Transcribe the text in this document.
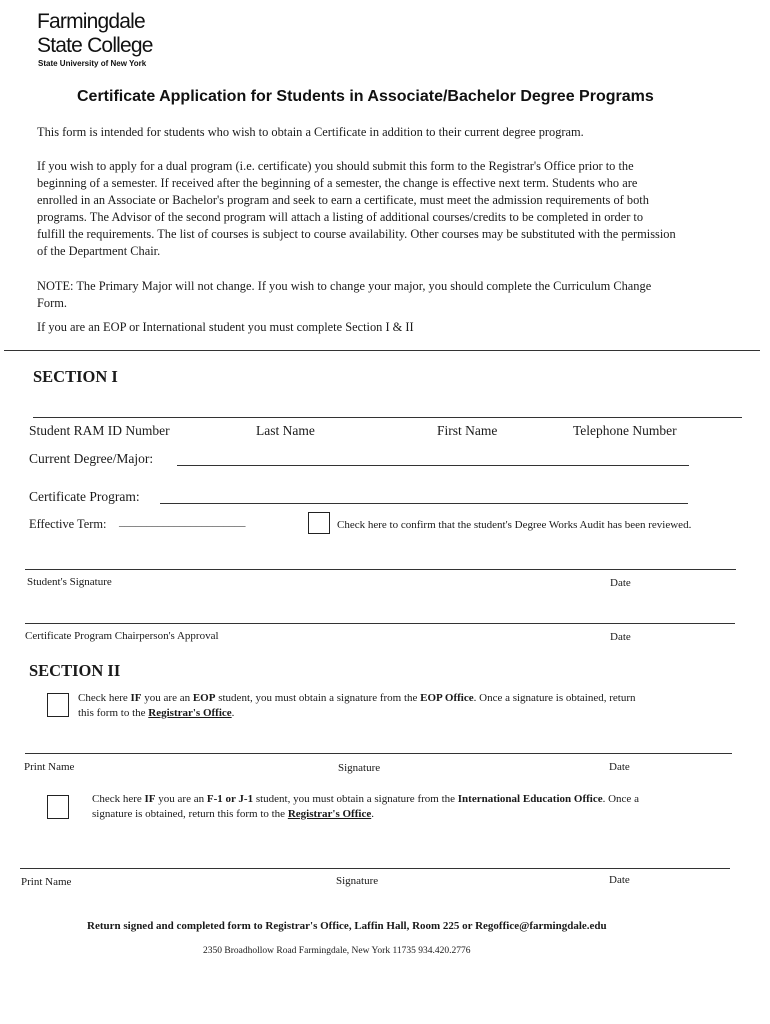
Farmingdale
State College
State University of New York
Certificate Application for Students in Associate/Bachelor Degree Programs
This form is intended for students who wish to obtain a Certificate in addition to their current degree program.
If you wish to apply for a dual program (i.e. certificate) you should submit this form to the Registrar's Office prior to the
beginning of a semester. If received after the beginning of a semester, the change is effective next term. Students who are
enrolled in an Associate or Bachelor's program and seek to earn a certificate, must meet the admission requirements of both
programs. The Advisor of the second program will attach a listing of additional courses/credits to be completed in order to
fulfill the requirements. The list of courses is subject to course availability. Other courses may be substituted with the permission
of the Department Chair.
NOTE: The Primary Major will not change. If you wish to change your major, you should complete the Curriculum Change
Form.
If you are an EOP or International student you must complete Section I & II
SECTION I
Student RAM ID Number	Last Name	First Name	Telephone Number
Current Degree/Major:
Certificate Program:
Effective Term: _______________________	Check here to confirm that the student's Degree Works Audit has been reviewed.
Student's Signature	Date
Certificate Program Chairperson's Approval	Date
SECTION II
Check here IF you are an EOP student, you must obtain a signature from the EOP Office. Once a signature is obtained, return
this form to the Registrar's Office.
Print Name	Signature	Date
Check here IF you are an F-1 or J-1 student, you must obtain a signature from the International Education Office. Once a
signature is obtained, return this form to the Registrar's Office.
Print Name	Signature	Date
Return signed and completed form to Registrar's Office, Laffin Hall, Room 225 or Regoffice@farmingdale.edu
2350 Broadhollow Road Farmingdale, New York 11735 934.420.2776
